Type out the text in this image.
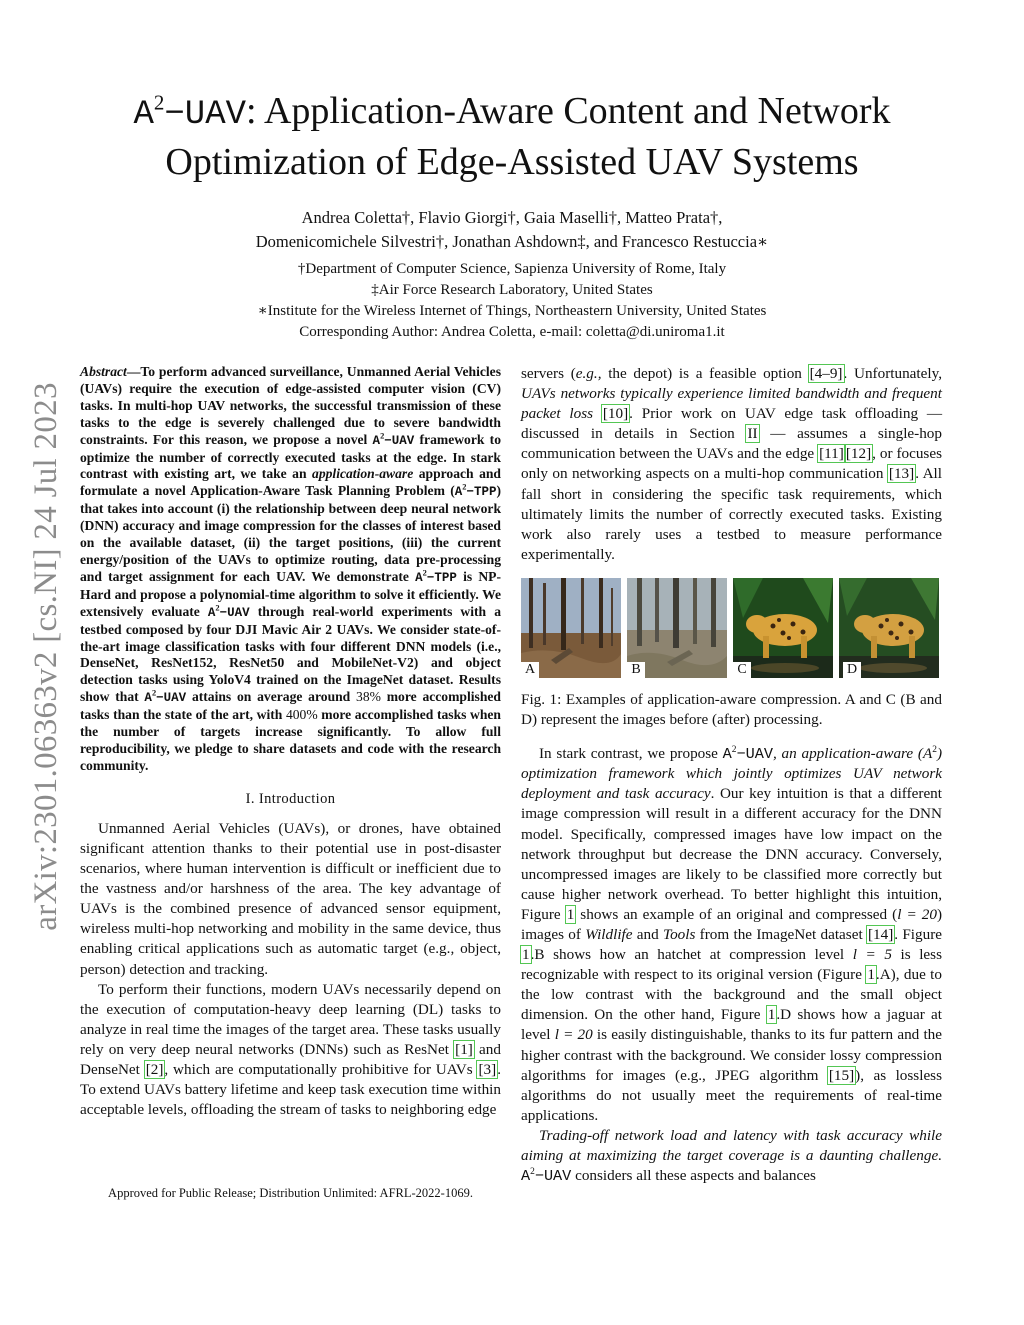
arXiv:2301.06363v2 [cs.NI] 24 Jul 2023
$A^2-UAV$: Application-Aware Content and Network Optimization of Edge-Assisted UAV Systems
Andrea Coletta†, Flavio Giorgi†, Gaia Maselli†, Matteo Prata†,
Domenicomichele Silvestri†, Jonathan Ashdown‡, and Francesco Restuccia∗
†Department of Computer Science, Sapienza University of Rome, Italy
‡Air Force Research Laboratory, United States
∗Institute for the Wireless Internet of Things, Northeastern University, United States
Corresponding Author: Andrea Coletta, e-mail: coletta@di.uniroma1.it

Abstract—To perform advanced surveillance, Unmanned Aerial Vehicles (UAVs) require the execution of edge-assisted computer vision (CV) tasks. In multi-hop UAV networks, the successful transmission of these tasks to the edge is severely challenged due to severe bandwidth constraints. For this reason, we propose a novel $A^2-UAV$ framework to optimize the number of correctly executed tasks at the edge. In stark contrast with existing art, we take an application-aware approach and formulate a novel Application-Aware Task Planning Problem $(A^2-TPP)$ that takes into account (i) the relationship between deep neural network (DNN) accuracy and image compression for the classes of interest based on the available dataset, (ii) the target positions, (iii) the current energy/position of the UAVs to optimize routing, data pre-processing and target assignment for each UAV. We demonstrate $A^2-TPP$ is NP-Hard and propose a polynomial-time algorithm to solve it efficiently. We extensively evaluate $A^2-UAV$ through real-world experiments with a testbed composed by four DJI Mavic Air 2 UAVs. We consider state-of-the-art image classification tasks with four different DNN models (i.e., DenseNet, ResNet152, ResNet50 and MobileNet-V2) and object detection tasks using YoloV4 trained on the ImageNet dataset. Results show that $A^2-UAV$ attains on average around 38% more accomplished tasks than the state of the art, with 400% more accomplished tasks when the number of targets increase significantly. To allow full reproducibility, we pledge to share datasets and code with the research community.

I. Introduction

Unmanned Aerial Vehicles (UAVs), or drones, have obtained significant attention thanks to their potential use in post-disaster scenarios, where human intervention is difficult or inefficient due to the vastness and/or harshness of the area. The key advantage of UAVs is the combined presence of advanced sensor equipment, wireless multi-hop networking and mobility in the same device, thus enabling critical applications such as automatic target (e.g., object, person) detection and tracking.

To perform their functions, modern UAVs necessarily depend on the execution of computation-heavy deep learning (DL) tasks to analyze in real time the images of the target area. These tasks usually rely on very deep neural networks (DNNs) such as ResNet [1] and DenseNet [2], which are computationally prohibitive for UAVs [3]. To extend UAVs battery lifetime and keep task execution time within acceptable levels, offloading the stream of tasks to neighboring edge

servers (e.g., the depot) is a feasible option [4–9]. Unfortunately, UAVs networks typically experience limited bandwidth and frequent packet loss [10]. Prior work on UAV edge task offloading — discussed in details in Section II — assumes a single-hop communication between the UAVs and the edge [11] [12], or focuses only on networking aspects on a multi-hop communication [13]. All fall short in considering the specific task requirements, which ultimately limits the number of correctly executed tasks. Existing work also rarely uses a testbed to measure performance experimentally.

A	B	C	D

Fig. 1: Examples of application-aware compression. A and C (B and D) represent the images before (after) processing.

In stark contrast, we propose $A^2-UAV$, an application-aware $(A^2)$ optimization framework which jointly optimizes UAV network deployment and task accuracy. Our key intuition is that a different image compression will result in a different accuracy for the DNN model. Specifically, compressed images have low impact on the network throughput but decrease the DNN accuracy. Conversely, uncompressed images are likely to be classified more correctly but cause higher network overhead. To better highlight this intuition, Figure 1 shows an example of an original and compressed (l = 20) images of Wildlife and Tools from the ImageNet dataset [14]. Figure 1.B shows how an hatchet at compression level l = 5 is less recognizable with respect to its original version (Figure 1.A), due to the low contrast with the background and the small object dimension. On the other hand, Figure 1.D shows how a jaguar at level l = 20 is easily distinguishable, thanks to its fur pattern and the higher contrast with the background. We consider lossy compression algorithms for images (e.g., JPEG algorithm [15]), as lossless algorithms do not usually meet the requirements of real-time applications.

Trading-off network load and latency with task accuracy while aiming at maximizing the target coverage is a daunting challenge. $A^2-UAV$ considers all these aspects and balances

Approved for Public Release; Distribution Unlimited: AFRL-2022-1069.
